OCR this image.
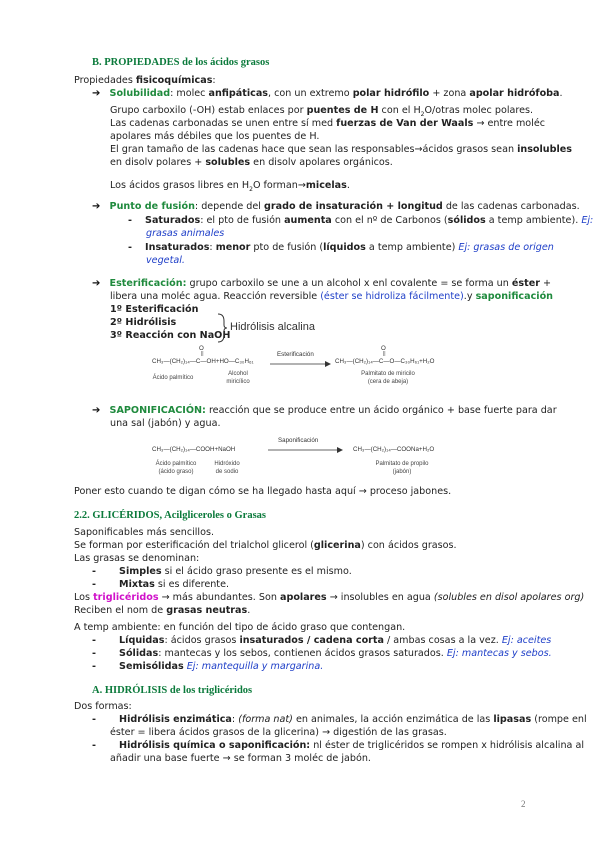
B. PROPIEDADES de los ácidos grasos
Propiedades fisicoquímicas:
➔ Solubilidad: molec anfipáticas, con un extremo polar hidrófilo + zona apolar hidrófoba.
Grupo carboxilo (-OH) estab enlaces por puentes de H con el $H_2O$/otras molec polares.
Las cadenas carbonadas se unen entre sí med fuerzas de Van der Waals → entre moléc
apolares más débiles que los puentes de H.
El gran tamaño de las cadenas hace que sean las responsables→ácidos grasos sean insolubles
en disolv polares + solubles en disolv apolares orgánicos.
Los ácidos grasos libres en $H_2O$ forman→micelas.
➔ Punto de fusión: depende del grado de insaturación + longitud de las cadenas carbonadas.
- Saturados: el pto de fusión aumenta con el nº de Carbonos (sólidos a temp ambiente). Ej:
grasas animales
- Insaturados: menor pto de fusión (líquidos a temp ambiente) Ej: grasas de origen
vegetal.
➔ Esterificación: grupo carboxilo se une a un alcohol x enl covalente = se forma un éster +
libera una moléc agua. Reacción reversible (éster se hidroliza fácilmente).y saponificación
1º Esterificación
2º Hidrólisis
3º Reacción con NaOH
Hidrólisis alcalina
O
||
CH₃—(CH₂)₁₄—C—OH+HO—C₃₀H₆₁
Esterificación
O
||
CH₃—(CH₂)₁₄—C—O—C₃₀H₆₁+H₂O
Ácido palmítico
Alcohol
miricílico
Palmitato de miricilo
(cera de abeja)
➔ SAPONIFICACIÓN: reacción que se produce entre un ácido orgánico + base fuerte para dar
una sal (jabón) y agua.
CH₃—(CH₂)₁₄—COOH+NaOH
Saponificación
CH₃—(CH₂)₁₄—COONa+H₂O
Ácido palmítico
(ácido graso)
Hidróxido
de sodio
Palmitato de propilo
(jabón)
Poner esto cuando te digan cómo se ha llegado hasta aquí → proceso jabones.
2.2. GLICÉRIDOS, Acilgliceroles o Grasas
Saponificables más sencillos.
Se forman por esterificación del trialchol glicerol (glicerina) con ácidos grasos.
Las grasas se denominan:
- Simples si el ácido graso presente es el mismo.
- Mixtas si es diferente.
Los triglicéridos → más abundantes. Son apolares → insolubles en agua (solubles en disol apolares org)
Reciben el nom de grasas neutras.
A temp ambiente: en función del tipo de ácido graso que contengan.
- Líquidas: ácidos grasos insaturados / cadena corta / ambas cosas a la vez. Ej: aceites
- Sólidas: mantecas y los sebos, contienen ácidos grasos saturados. Ej: mantecas y sebos.
- Semisólidas Ej: mantequilla y margarina.
A. HIDRÓLISIS de los triglicéridos
Dos formas:
- Hidrólisis enzimática: (forma nat) en animales, la acción enzimática de las lipasas (rompe enl
éster = libera ácidos grasos de la glicerina) → digestión de las grasas.
- Hidrólisis química o saponificación: nl éster de triglicéridos se rompen x hidrólisis alcalina al
añadir una base fuerte → se forman 3 moléc de jabón.
2
